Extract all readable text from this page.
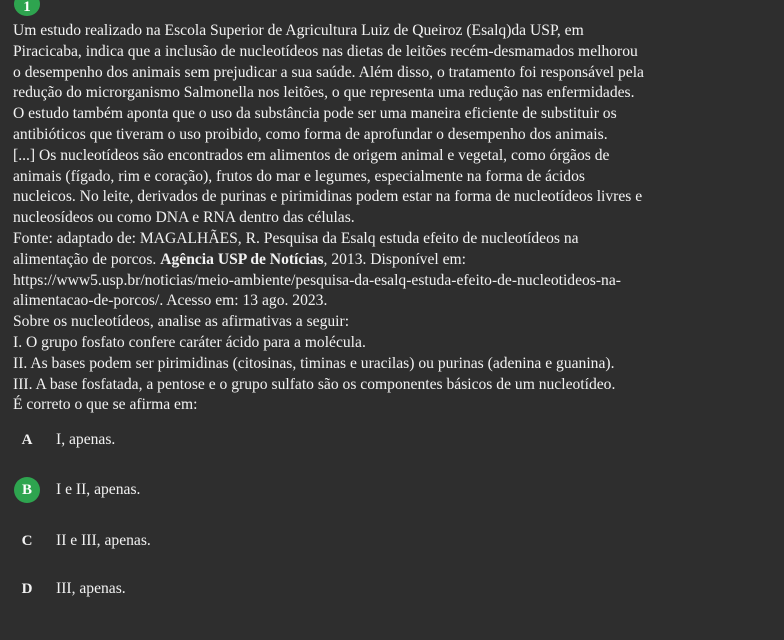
1
Um estudo realizado na Escola Superior de Agricultura Luiz de Queiroz (Esalq)da USP, em
Piracicaba, indica que a inclusão de nucleotídeos nas dietas de leitões recém-desmamados melhorou
o desempenho dos animais sem prejudicar a sua saúde. Além disso, o tratamento foi responsável pela
redução do microrganismo Salmonella nos leitões, o que representa uma redução nas enfermidades.
O estudo também aponta que o uso da substância pode ser uma maneira eficiente de substituir os
antibióticos que tiveram o uso proibido, como forma de aprofundar o desempenho dos animais.
[...] Os nucleotídeos são encontrados em alimentos de origem animal e vegetal, como órgãos de
animais (fígado, rim e coração), frutos do mar e legumes, especialmente na forma de ácidos
nucleicos. No leite, derivados de purinas e pirimidinas podem estar na forma de nucleotídeos livres e
nucleosídeos ou como DNA e RNA dentro das células.
Fonte: adaptado de: MAGALHÃES, R. Pesquisa da Esalq estuda efeito de nucleotídeos na
alimentação de porcos. Agência USP de Notícias, 2013. Disponível em:
https://www5.usp.br/noticias/meio-ambiente/pesquisa-da-esalq-estuda-efeito-de-nucleotideos-na-
alimentacao-de-porcos/. Acesso em: 13 ago. 2023.
Sobre os nucleotídeos, analise as afirmativas a seguir:
I. O grupo fosfato confere caráter ácido para a molécula.
II. As bases podem ser pirimidinas (citosinas, timinas e uracilas) ou purinas (adenina e guanina).
III. A base fosfatada, a pentose e o grupo sulfato são os componentes básicos de um nucleotídeo.
É correto o que se afirma em:
A	I, apenas.
B	I e II, apenas.
C	II e III, apenas.
D	III, apenas.
